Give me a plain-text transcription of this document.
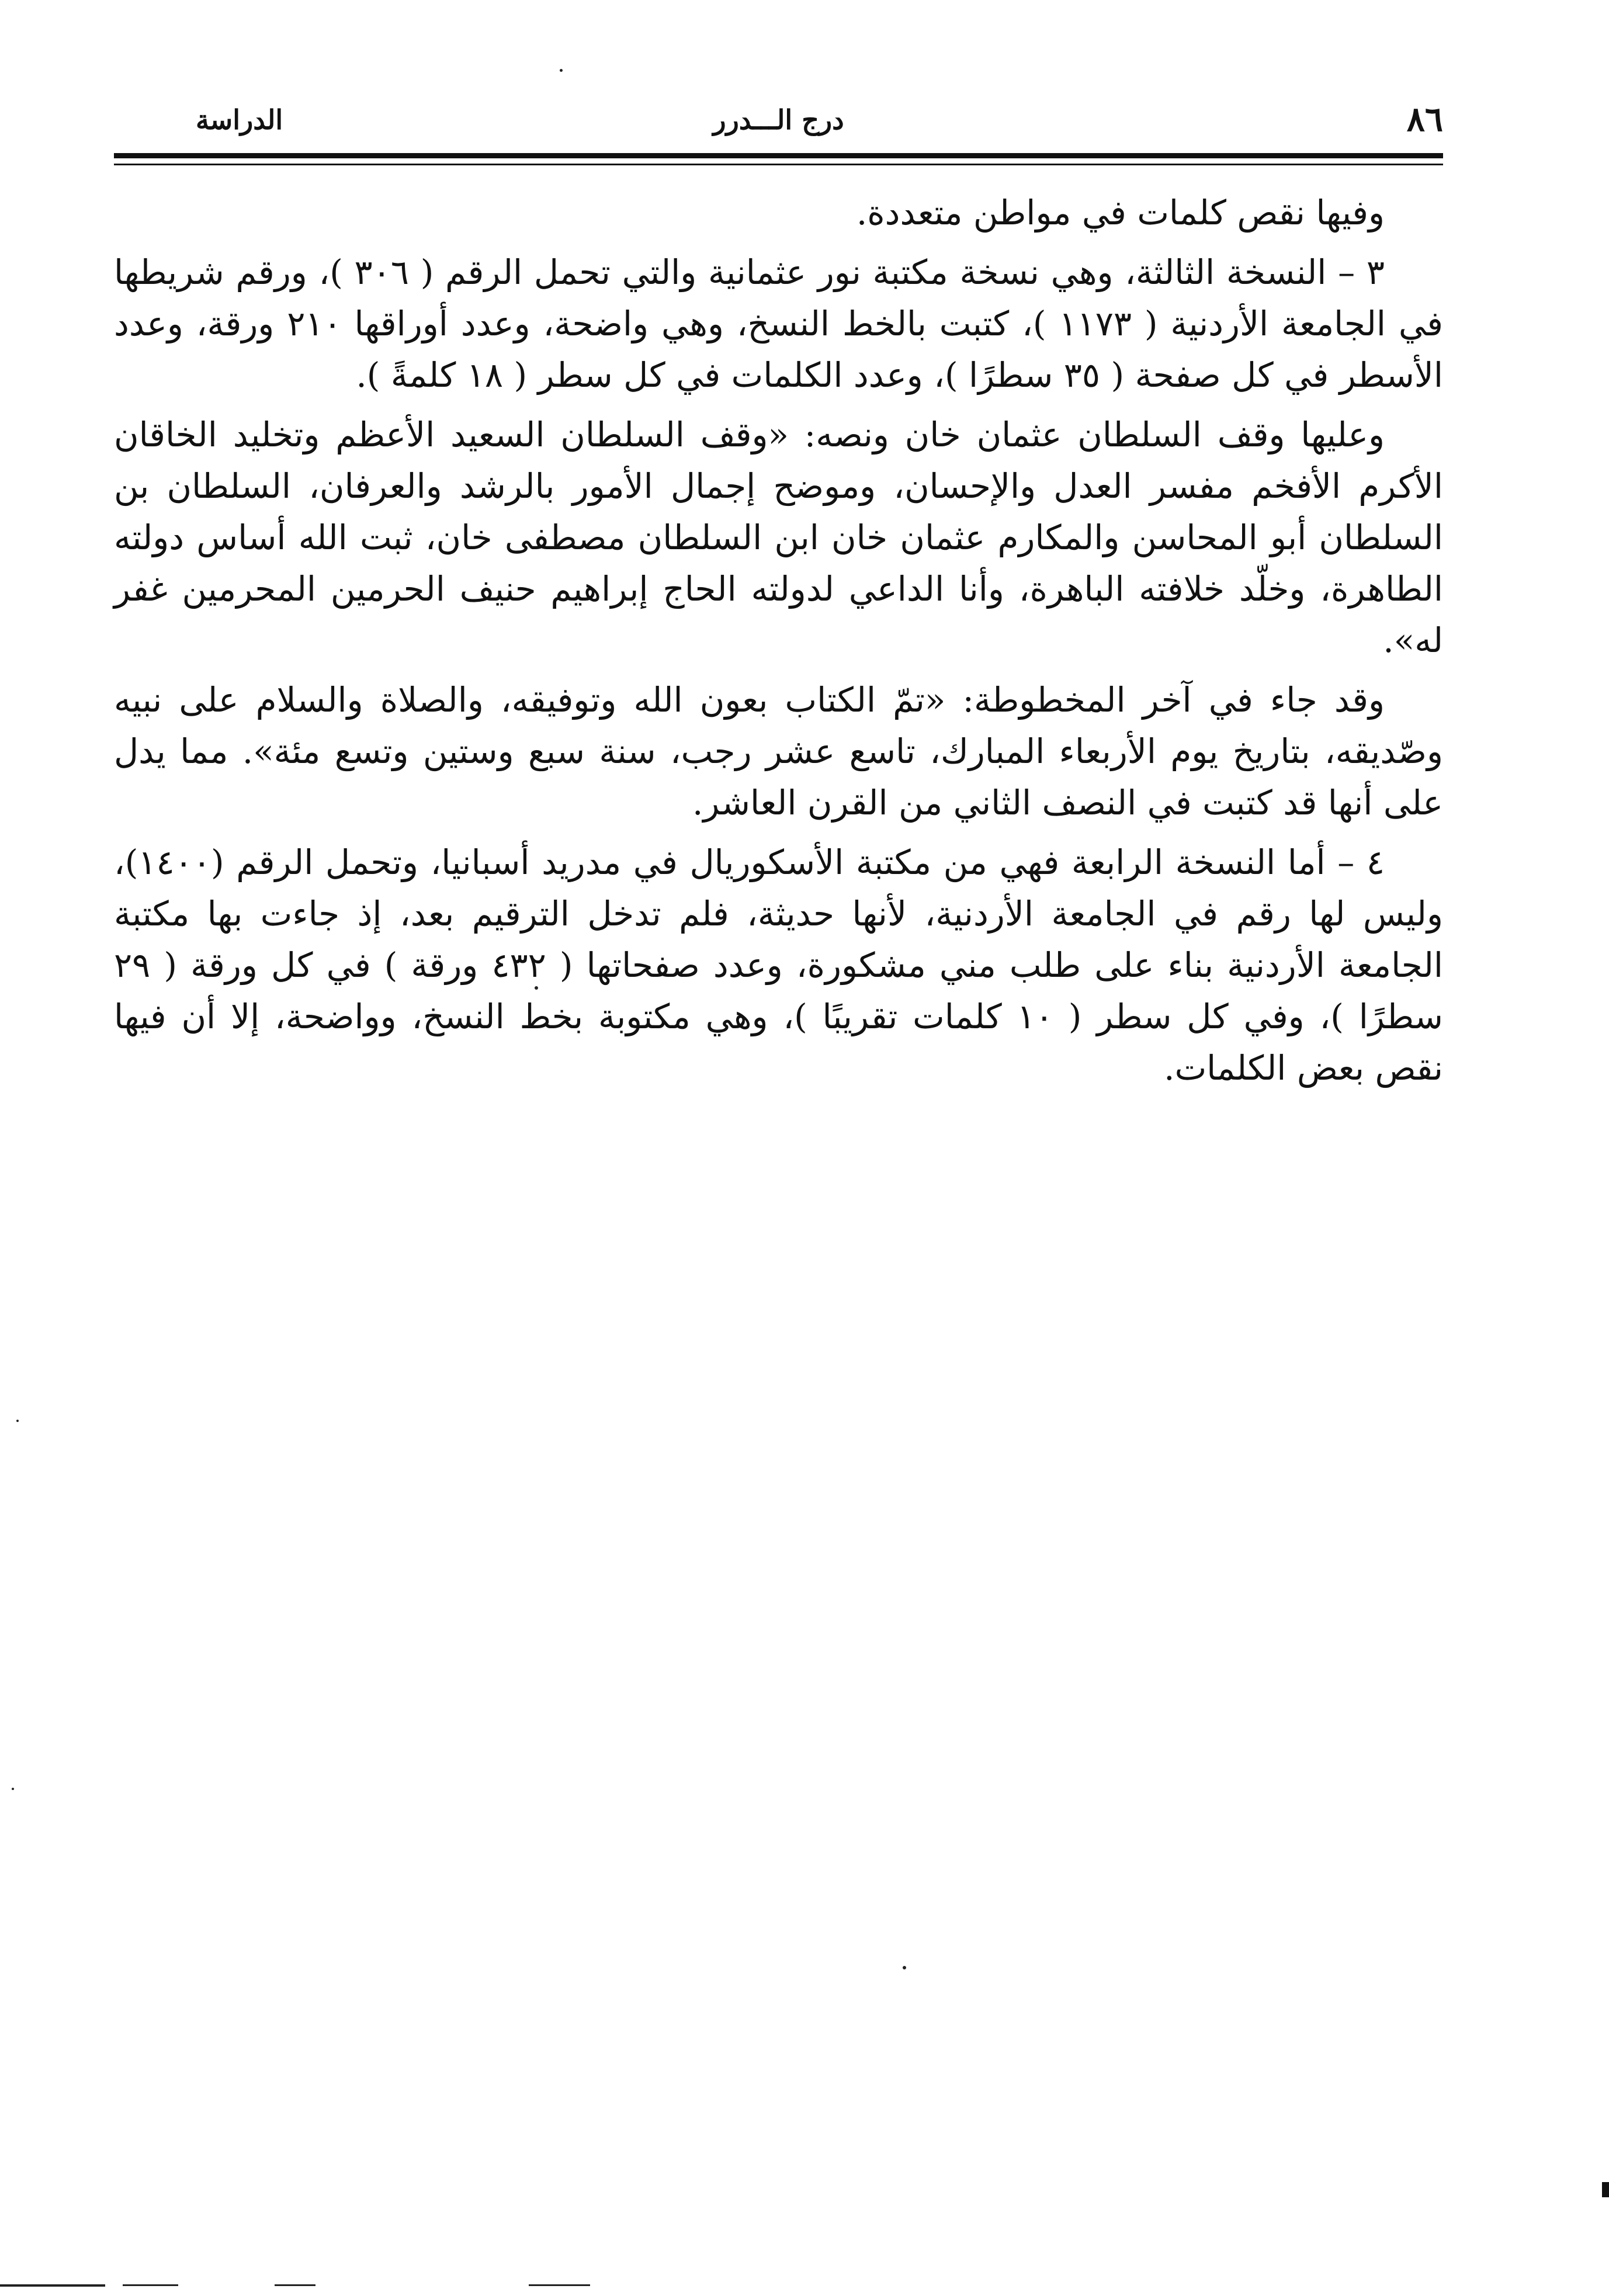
٨٦
درج الـــدرر
الدراسة

وفيها نقص كلمات في مواطن متعددة.

٣ – النسخة الثالثة، وهي نسخة مكتبة نور عثمانية والتي تحمل الرقم ( ٣٠٦ )، ورقم شريطها في الجامعة الأردنية ( ١١٧٣ )، كتبت بالخط النسخ، وهي واضحة، وعدد أوراقها ٢١٠ ورقة، وعدد الأسطر في كل صفحة ( ٣٥ سطرًا )، وعدد الكلمات في كل سطر ( ١٨ كلمةً ).

وعليها وقف السلطان عثمان خان ونصه: «وقف السلطان السعيد الأعظم وتخليد الخاقان الأكرم الأفخم مفسر العدل والإحسان، وموضح إجمال الأمور بالرشد والعرفان، السلطان بن السلطان أبو المحاسن والمكارم عثمان خان ابن السلطان مصطفى خان، ثبت الله أساس دولته الطاهرة، وخلّد خلافته الباهرة، وأنا الداعي لدولته الحاج إبراهيم حنيف الحرمين المحرمين غفر له».

وقد جاء في آخر المخطوطة: «تمّ الكتاب بعون الله وتوفيقه، والصلاة والسلام على نبيه وصّديقه، بتاريخ يوم الأربعاء المبارك، تاسع عشر رجب، سنة سبع وستين وتسع مئة». مما يدل على أنها قد كتبت في النصف الثاني من القرن العاشر.

٤ – أما النسخة الرابعة فهي من مكتبة الأسكوريال في مدريد أسبانيا، وتحمل الرقم (١٤٠٠)، وليس لها رقم في الجامعة الأردنية، لأنها حديثة، فلم تدخل الترقيم بعد، إذ جاءت بها مكتبة الجامعة الأردنية بناء على طلب مني مشكورة، وعدد صفحاتها ( ٤٣٢ ورقة ) في كل ورقة ( ٢٩ سطرًا )، وفي كل سطر ( ١٠ كلمات تقريبًا )، وهي مكتوبة بخط النسخ، وواضحة، إلا أن فيها نقص بعض الكلمات.
